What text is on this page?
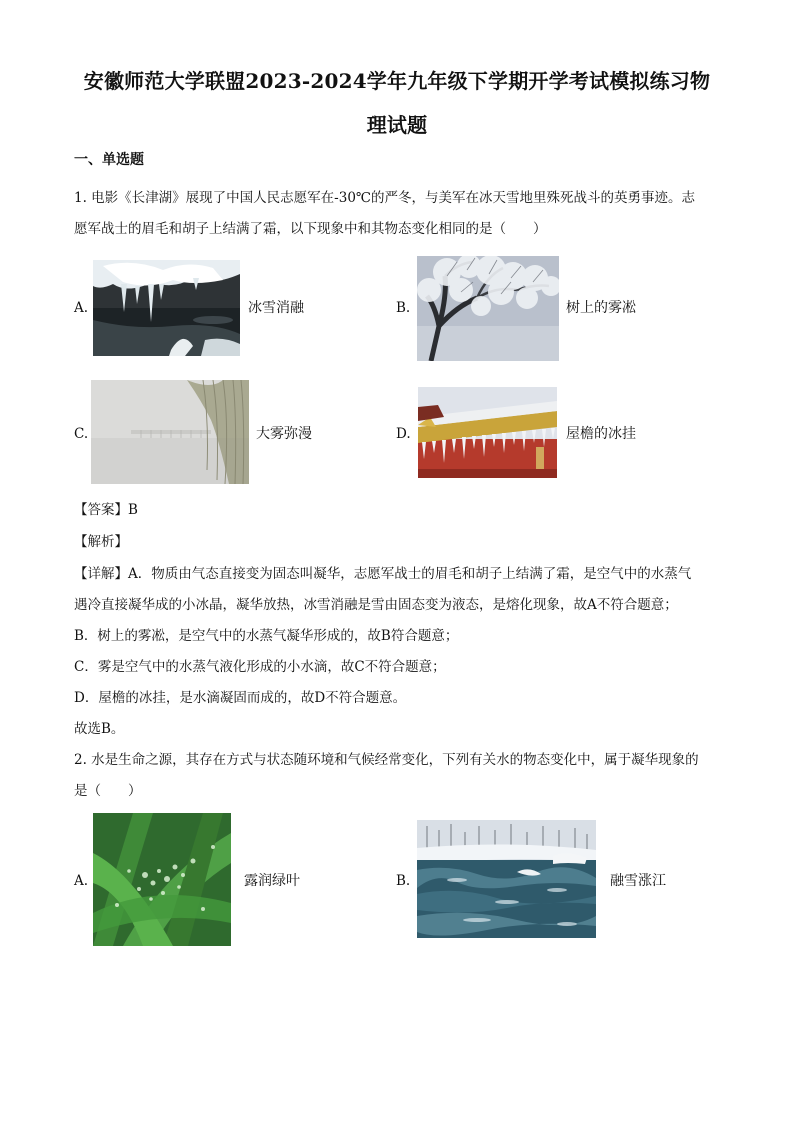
安徽师范大学联盟2023-2024学年九年级下学期开学考试模拟练习物
理试题
一、单选题
1. 电影《长津湖》展现了中国人民志愿军在-30℃的严冬，与美军在冰天雪地里殊死战斗的英勇事迹。志
愿军战士的眉毛和胡子上结满了霜，以下现象中和其物态变化相同的是（　　）
A.	冰雪消融	B.	树上的雾凇
C.	大雾弥漫	D.	屋檐的冰挂
【答案】B
【解析】
【详解】A．物质由气态直接变为固态叫凝华，志愿军战士的眉毛和胡子上结满了霜，是空气中的水蒸气
遇冷直接凝华成的小冰晶，凝华放热，冰雪消融是雪由固态变为液态，是熔化现象，故A不符合题意；
B．树上的雾凇，是空气中的水蒸气凝华形成的，故B符合题意；
C．雾是空气中的水蒸气液化形成的小水滴，故C不符合题意；
D．屋檐的冰挂，是水滴凝固而成的，故D不符合题意。
故选B。
2. 水是生命之源，其存在方式与状态随环境和气候经常变化，下列有关水的物态变化中，属于凝华现象的
是（　　）
A.	露润绿叶	B.	融雪涨江
